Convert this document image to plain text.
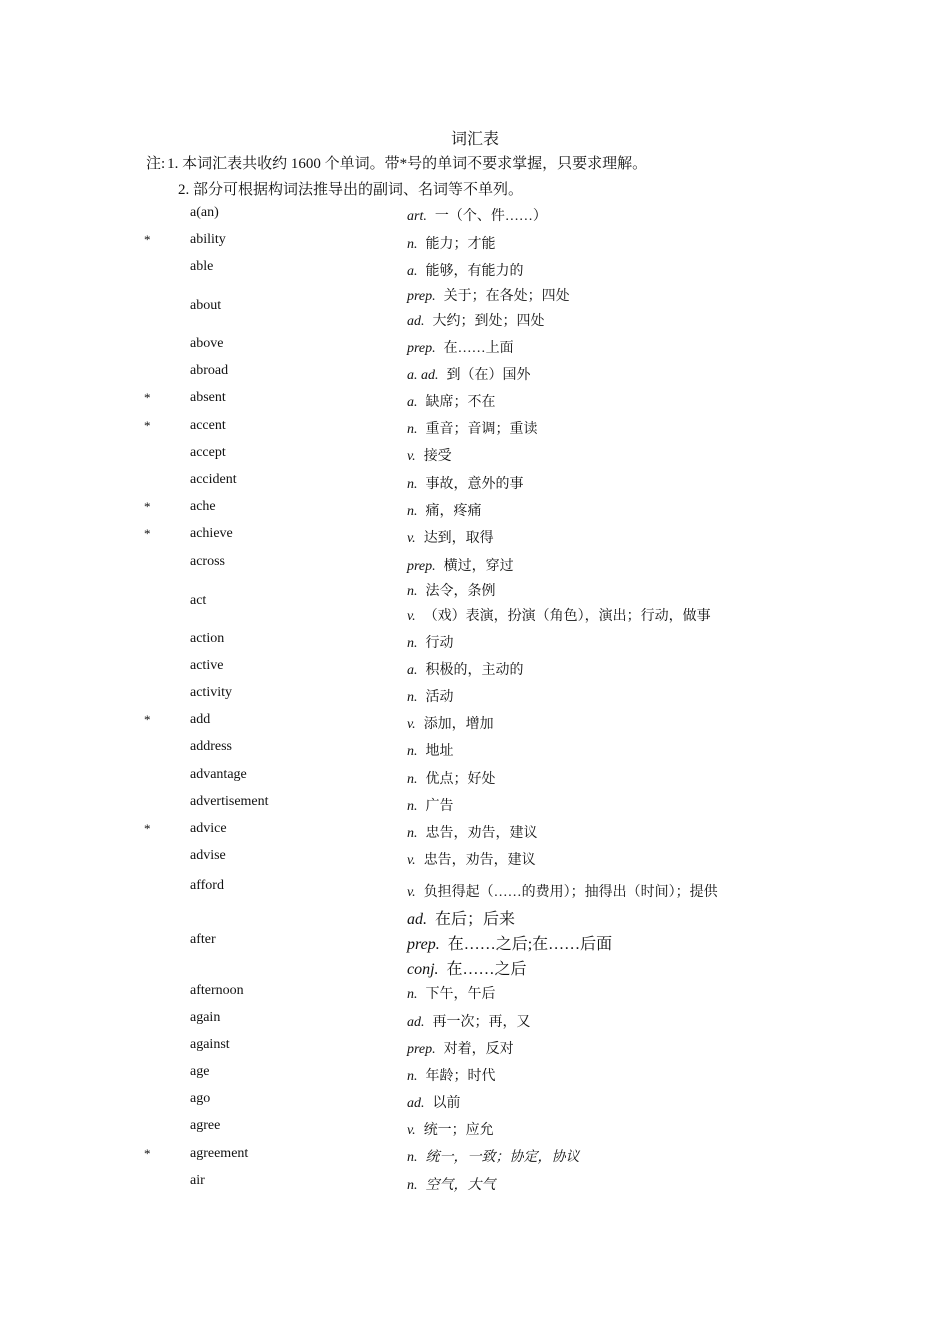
词汇表
注: 1. 本词汇表共收约 1600 个单词。带*号的单词不要求掌握，只要求理解。
2. 部分可根据构词法推导出的副词、名词等不单列。
a(an)	art. 一（个、件……）
*	ability	n. 能力；才能
able	a. 能够，有能力的
about
prep. 关于；在各处；四处
ad. 大约；到处；四处
above	prep. 在……上面
abroad	a. ad. 到（在）国外
*	absent	a. 缺席；不在
*	accent	n. 重音；音调；重读
accept	v. 接受
accident	n. 事故，意外的事
*	ache	n. 痛，疼痛
*	achieve	v. 达到，取得
across	prep. 横过，穿过
act
n. 法令，条例
v. （戏）表演，扮演（角色），演出；行动，做事
action	n. 行动
active	a. 积极的，主动的
activity	n. 活动
*	add	v. 添加，增加
address	n. 地址
advantage	n. 优点；好处
advertisement	n. 广告
*	advice	n. 忠告，劝告，建议
advise	v. 忠告，劝告，建议
afford	v. 负担得起（……的费用）；抽得出（时间）；提供
after
ad. 在后；后来
prep. 在……之后;在……后面
conj. 在……之后
afternoon	n. 下午，午后
again	ad. 再一次；再，又
against	prep. 对着，反对
age	n. 年龄；时代
ago	ad. 以前
agree	v. 统一；应允
*	agreement	n. 统一，一致；协定，协议
air	n. 空气，大气
